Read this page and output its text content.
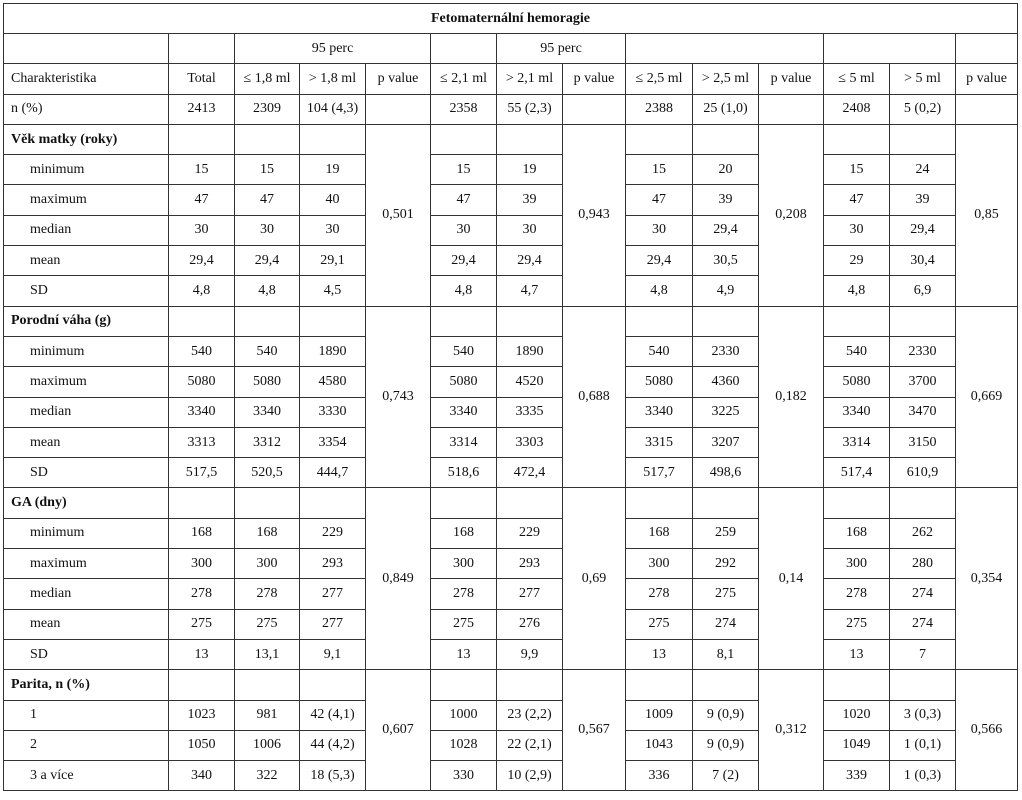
Fetomaternální hemoragie													
		95 perc				95 perc							
Charakteristika	Total	≤ 1,8 ml	> 1,8 ml	p value	≤ 2,1 ml	> 2,1 ml	p value	≤ 2,5 ml	> 2,5 ml	p value	≤ 5 ml	> 5 ml	p value
n (%)	2413	2309	104 (4,3)		2358	55 (2,3)		2388	25 (1,0)		2408	5 (0,2)	
Věk matky (roky)				0,501			0,943			0,208			0,85
minimum	15	15	19		15	19		15	20		15	24	
maximum	47	47	40		47	39		47	39		47	39	
median	30	30	30		30	30		30	29,4		30	29,4	
mean	29,4	29,4	29,1		29,4	29,4		29,4	30,5		29	30,4	
SD	4,8	4,8	4,5		4,8	4,7		4,8	4,9		4,8	6,9	
Porodní váha (g)				0,743			0,688			0,182			0,669
minimum	540	540	1890		540	1890		540	2330		540	2330	
maximum	5080	5080	4580		5080	4520		5080	4360		5080	3700	
median	3340	3340	3330		3340	3335		3340	3225		3340	3470	
mean	3313	3312	3354		3314	3303		3315	3207		3314	3150	
SD	517,5	520,5	444,7		518,6	472,4		517,7	498,6		517,4	610,9	
GA (dny)				0,849			0,69			0,14			0,354
minimum	168	168	229		168	229		168	259		168	262	
maximum	300	300	293		300	293		300	292		300	280	
median	278	278	277		278	277		278	275		278	274	
mean	275	275	277		275	276		275	274		275	274	
SD	13	13,1	9,1		13	9,9		13	8,1		13	7	
Parita, n (%)				0,607			0,567			0,312			0,566
1	1023	981	42 (4,1)		1000	23 (2,2)		1009	9 (0,9)		1020	3 (0,3)	
2	1050	1006	44 (4,2)		1028	22 (2,1)		1043	9 (0,9)		1049	1 (0,1)	
3 a více	340	322	18 (5,3)		330	10 (2,9)		336	7 (2)		339	1 (0,3)	
